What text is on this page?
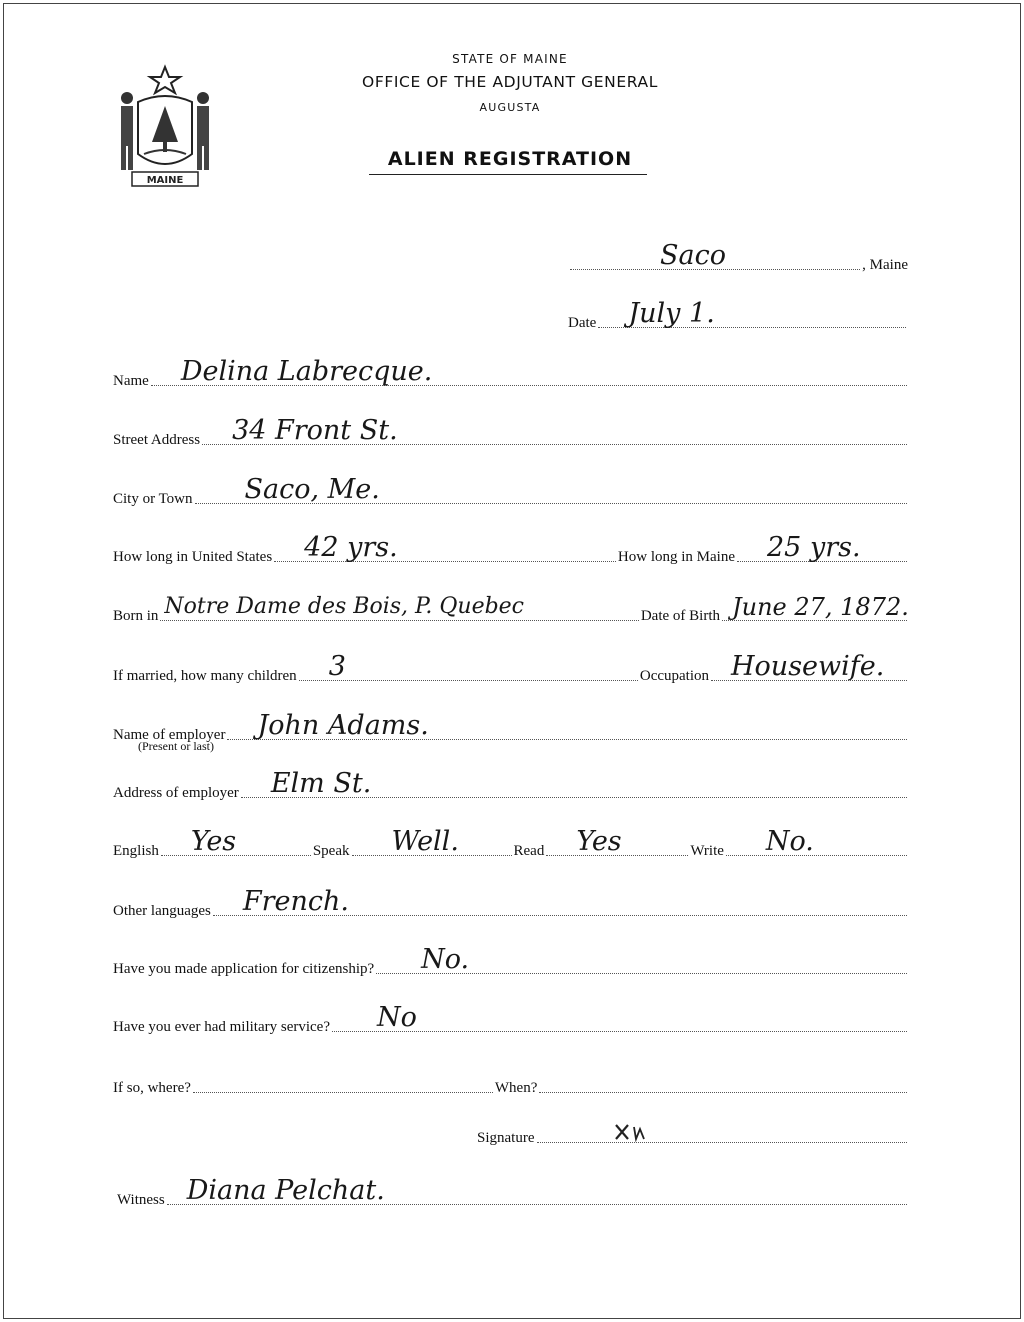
MAINE
STATE OF MAINE
OFFICE OF THE ADJUTANT GENERAL
AUGUSTA
ALIEN REGISTRATION
Saco	, Maine
Date July 1.
Name Delina Labrecque.
Street Address 34 Front St.
City or Town Saco, Me.
How long in United States 42 yrs.	How long in Maine 25 yrs.
Born in Notre Dame des Bois, P. Quebec	Date of Birth June 27, 1872.
If married, how many children 3	Occupation Housewife.
Name of employer John Adams.
(Present or last)
Address of employer Elm St.
English Yes	Speak Well.	Read Yes	Write No.
Other languages French.
Have you made application for citizenship? No.
Have you ever had military service? No
If so, where?	When?
Signature
Witness Diana Pelchat.
